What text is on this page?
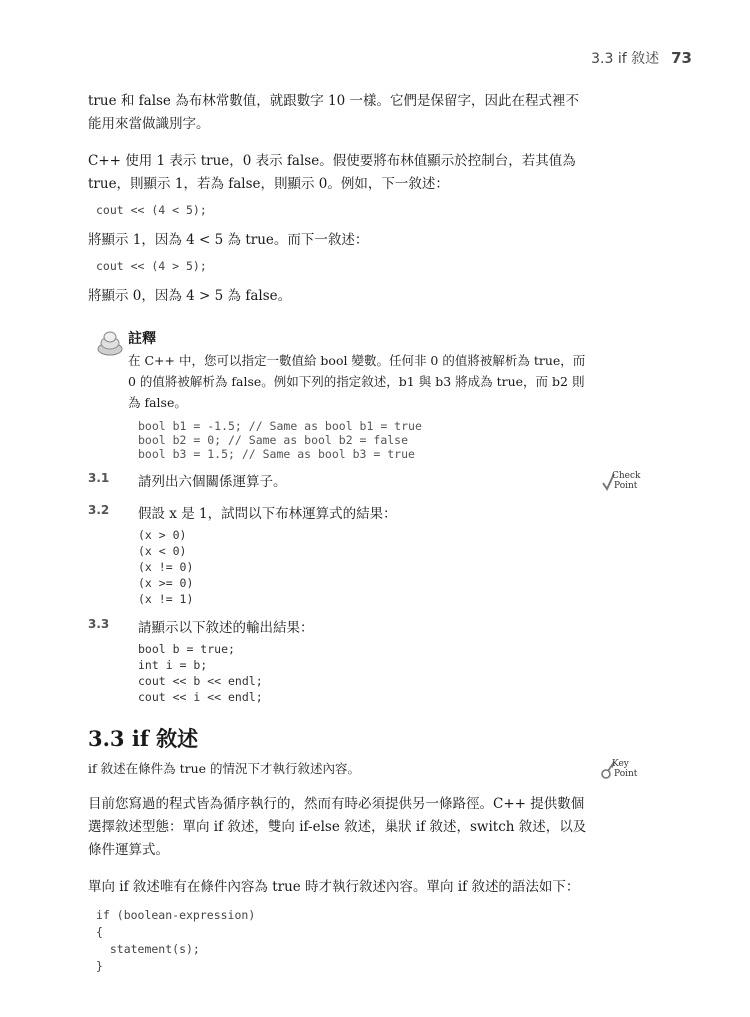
3.3 if 敘述 73

true 和 false 為布林常數值，就跟數字 10 一樣。它們是保留字，因此在程式裡不能用來當做識別字。

C++ 使用 1 表示 true，0 表示 false。假使要將布林值顯示於控制台，若其值為 true，則顯示 1，若為 false，則顯示 0。例如，下一敘述：

cout << (4 < 5);

將顯示 1，因為 4 < 5 為 true。而下一敘述：

cout << (4 > 5);

將顯示 0，因為 4 > 5 為 false。

註釋

在 C++ 中，您可以指定一數值給 bool 變數。任何非 0 的值將被解析為 true，而 0 的值將被解析為 false。例如下列的指定敘述，b1 與 b3 將成為 true，而 b2 則為 false。

bool b1 = -1.5; // Same as bool b1 = true
bool b2 = 0; // Same as bool b2 = false
bool b3 = 1.5; // Same as bool b3 = true
3.1 請列出六個關係運算子。	Check
Point
3.2 假設 x 是 1，試問以下布林運算式的結果：
(x > 0)
(x < 0)
(x != 0)
(x >= 0)
(x != 1)
3.3 請顯示以下敘述的輸出結果：
bool b = true;
int i = b;
cout << b << endl;
cout << i << endl;
3.3 if 敘述
if 敘述在條件為 true 的情況下才執行敘述內容。	Key
Point

目前您寫過的程式皆為循序執行的，然而有時必須提供另一條路徑。C++ 提供數個選擇敘述型態：單向 if 敘述，雙向 if-else 敘述，巢狀 if 敘述，switch 敘述，以及條件運算式。

單向 if 敘述唯有在條件內容為 true 時才執行敘述內容。單向 if 敘述的語法如下：

if (boolean-expression)
{
statement(s);
}
